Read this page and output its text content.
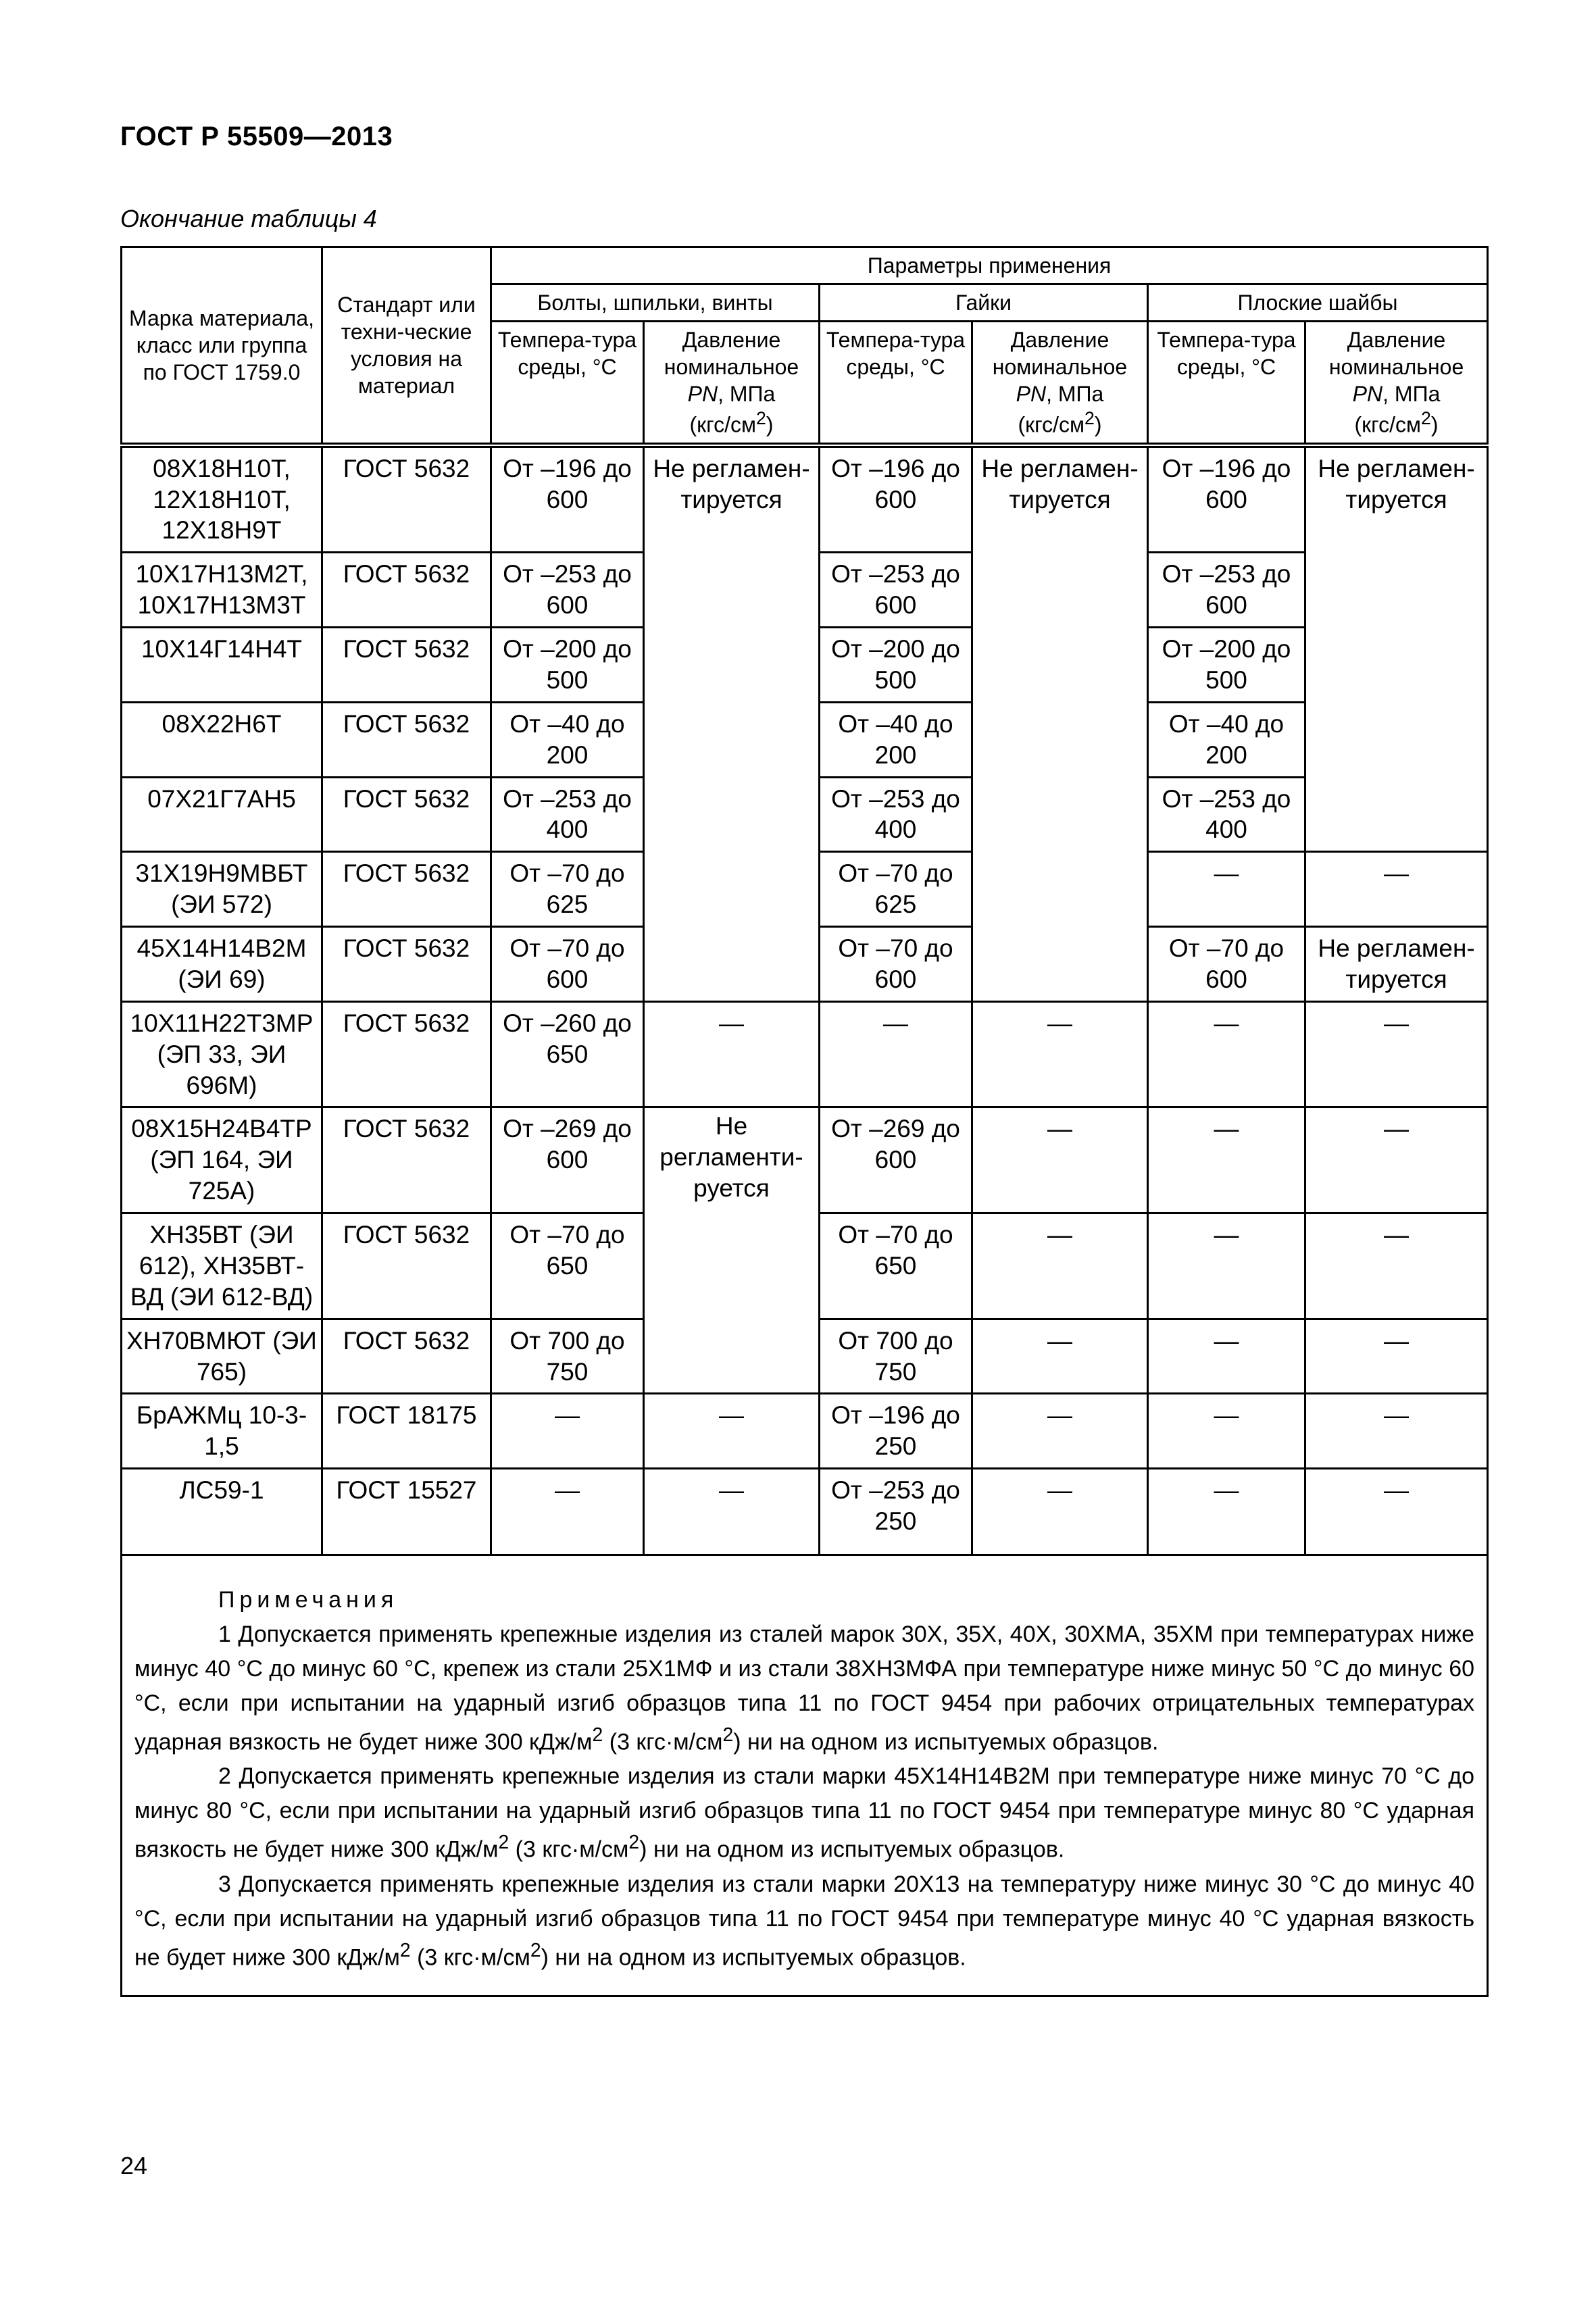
ГОСТ Р 55509—2013
Окончание таблицы 4
Марка материала, класс или группа по ГОСТ 1759.0	Стандарт или техни-ческие условия на материал	Параметры применения					
		Болты, шпильки, винты		Гайки		Плоские шайбы	
		Темпера-тура среды, °С	Давление номинальное
PN, МПа
$(кгс/см^2)$	Темпера-тура среды, °С	Давление номинальное
PN, МПа
$(кгс/см^2)$	Темпера-тура среды, °С	Давление номинальное
PN, МПа
$(кгс/см^2)$
08Х18Н10Т, 12Х18Н10Т, 12Х18Н9Т	ГОСТ 5632	От –196 до 600	Не регламен-тируется	От –196 до 600	Не регламен-тируется	От –196 до 600	Не регламен-тируется
10Х17Н13М2Т, 10Х17Н13М3Т	ГОСТ 5632	От –253 до 600		От –253 до 600		От –253 до 600	
10Х14Г14Н4Т	ГОСТ 5632	От –200 до 500		От –200 до 500		От –200 до 500	
08Х22Н6Т	ГОСТ 5632	От –40 до 200		От –40 до 200		От –40 до 200	
07Х21Г7АН5	ГОСТ 5632	От –253 до 400		От –253 до 400		От –253 до 400	
31Х19Н9МВБТ (ЭИ 572)	ГОСТ 5632	От –70 до 625		От –70 до 625		—	—
45Х14Н14В2М (ЭИ 69)	ГОСТ 5632	От –70 до 600		От –70 до 600		От –70 до 600	Не регламен-тируется
10Х11Н22Т3МР (ЭП 33, ЭИ 696М)	ГОСТ 5632	От –260 до 650	—	—	—	—	—
08Х15Н24В4ТР (ЭП 164, ЭИ 725А)	ГОСТ 5632	От –269 до 600	Не регламенти-руется	От –269 до 600	—	—	—
ХН35ВТ (ЭИ 612), ХН35ВТ-ВД (ЭИ 612-ВД)	ГОСТ 5632	От –70 до 650		От –70 до 650	—	—	—
ХН70ВМЮТ (ЭИ 765)	ГОСТ 5632	От 700 до 750		От 700 до 750	—	—	—
БрАЖМц 10-3-1,5	ГОСТ 18175	—	—	От –196 до 250	—	—	—
ЛС59-1	ГОСТ 15527	—	—	От –253 до 250	—	—	—

Примечания
1 Допускается применять крепежные изделия из сталей марок 30Х, 35Х, 40Х, 30ХМА, 35ХМ при температурах ниже минус 40 °С до минус 60 °С, крепеж из стали 25Х1МФ и из стали 38ХН3МФА при температуре ниже минус 50 °С до минус 60 °С, если при испытании на ударный изгиб образцов типа 11 по ГОСТ 9454 при рабочих отрицательных температурах ударная вязкость не будет ниже 300 кДж/$м^2$ (3 $кгс\cdot м/см^2$) ни на одном из испытуемых образцов.
2 Допускается применять крепежные изделия из стали марки 45Х14Н14В2М при температуре ниже минус 70 °С до минус 80 °С, если при испытании на ударный изгиб образцов типа 11 по ГОСТ 9454 при температуре минус 80 °С ударная вязкость не будет ниже 300 кДж/$м^2$ (3 $кгс\cdot м/см^2$) ни на одном из испытуемых образцов.
3 Допускается применять крепежные изделия из стали марки 20Х13 на температуру ниже минус 30 °С до минус 40 °С, если при испытании на ударный изгиб образцов типа 11 по ГОСТ 9454 при температуре минус 40 °С ударная вязкость не будет ниже 300 кДж/$м^2$ (3 $кгс\cdot м/см^2$) ни на одном из испытуемых образцов.							
24
